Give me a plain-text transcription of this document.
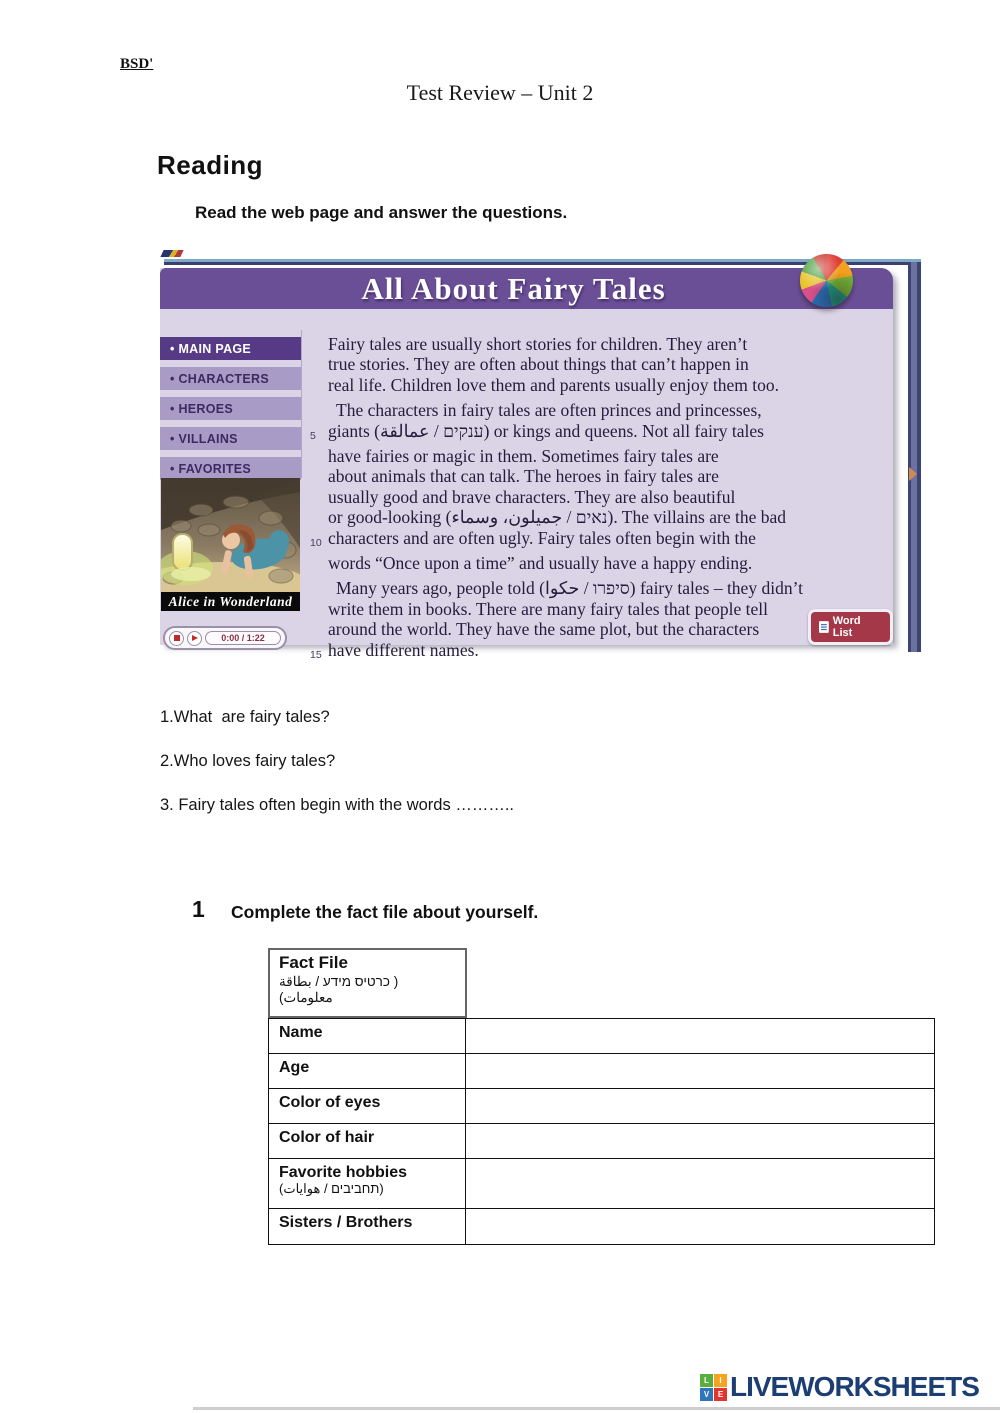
BSD'
Test Review – Unit 2
Reading
Read the web page and answer the questions.
All About Fairy Tales
• MAIN PAGE
• CHARACTERS
• HEROES
• VILLAINS
• FAVORITES
Alice in Wonderland
Fairy tales are usually short stories for children. They aren’t
true stories. They are often about things that can’t happen in
real life. Children love them and parents usually enjoy them too.
The characters in fairy tales are often princes and princesses,
5 giants (ענקים / عمالقة) or kings and queens. Not all fairy tales
have fairies or magic in them. Sometimes fairy tales are
about animals that can talk. The heroes in fairy tales are
usually good and brave characters. They are also beautiful
or good-looking (נאים / جميلون، وسماء). The villains are the bad
10 characters and are often ugly. Fairy tales often begin with the
words “Once upon a time” and usually have a happy ending.
Many years ago, people told (סיפרו / حكوا) fairy tales – they didn’t
write them in books. There are many fairy tales that people tell
around the world. They have the same plot, but the characters
15 have different names.
Word List
0:00 / 1:22
1.What  are fairy tales?
2.Who loves fairy tales?
3. Fairy tales often begin with the words ………..
1 Complete the fact file about yourself.
Fact File
כרטיס מידע / بطاقة )
(معلومات
Name
Age
Color of eyes
Color of hair
Favorite hobbies
(תחביבים / هوايات)
Sisters / Brothers
L	I
V	E LIVEWORKSHEETS
